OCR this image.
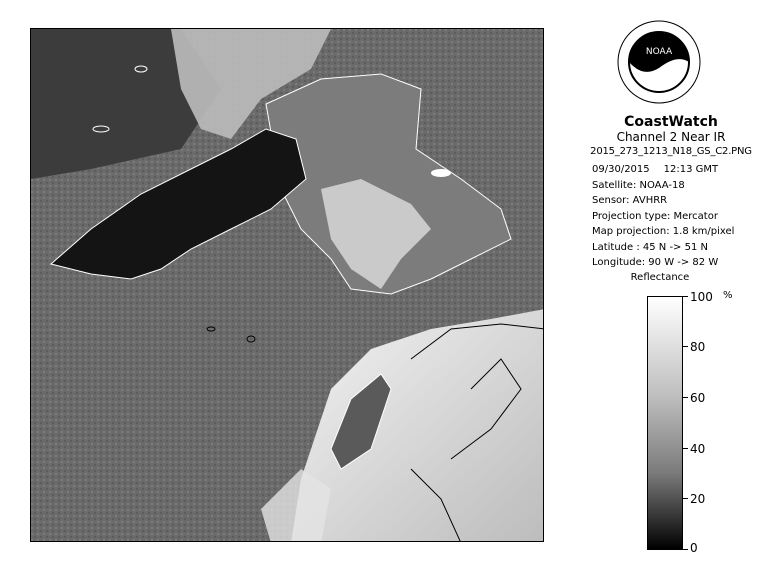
NOAA
CoastWatch
Channel 2 Near IR
2015_273_1213_N18_GS_C2.PNG
09/30/2015 12:13 GMT
Satellite: NOAA-18
Sensor: AVHRR
Projection type: Mercator
Map projection: 1.8 km/pixel
Latitude : 45 N -> 51 N
Longitude: 90 W -> 82 W
Reflectance
%
100
80
60
40
20
0
